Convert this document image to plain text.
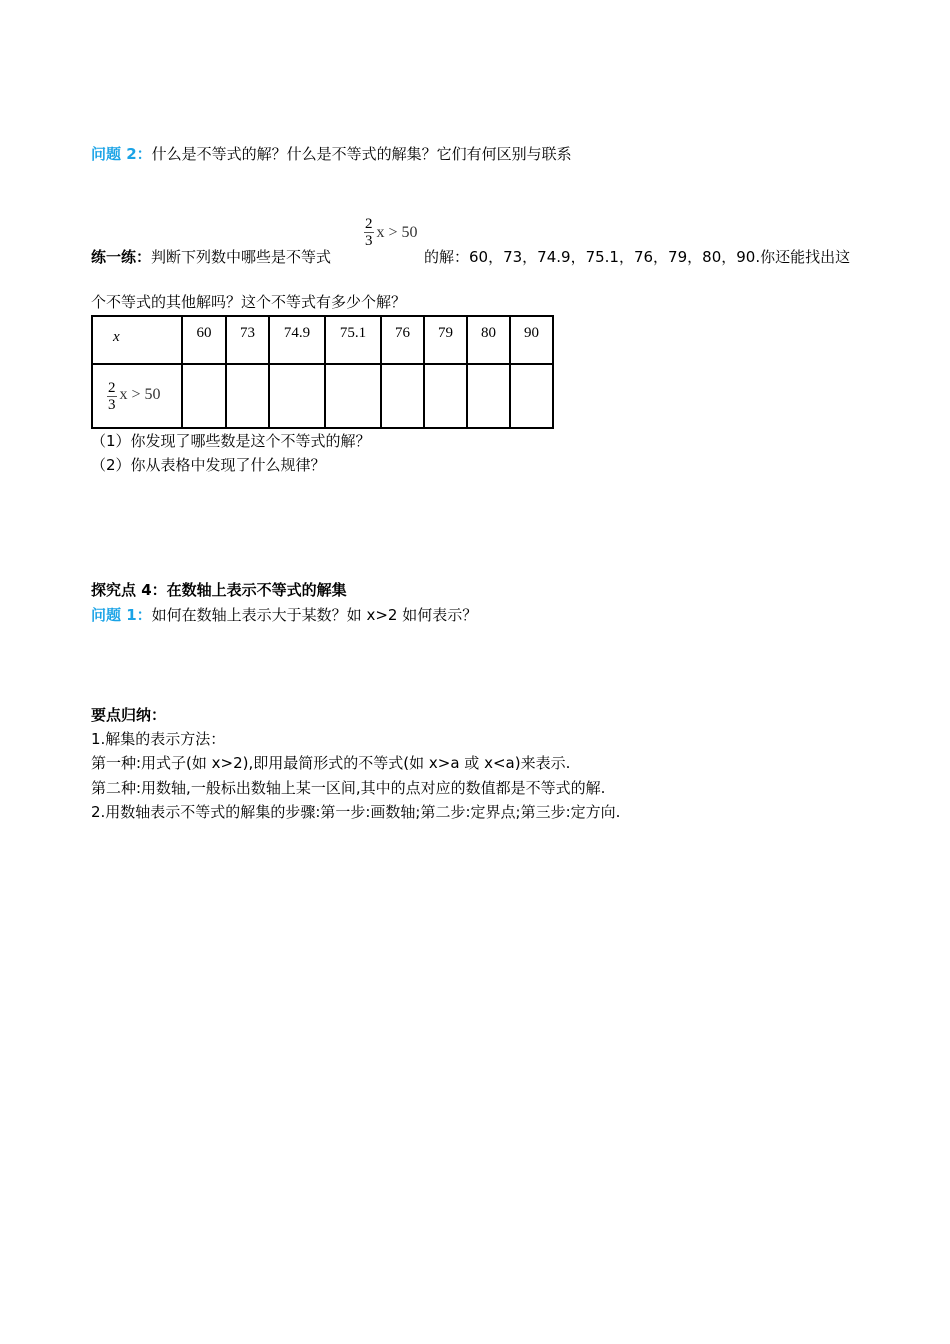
问题 2：什么是不等式的解？什么是不等式的解集？它们有何区别与联系
$\frac{2}{3}$ x > 50
练一练：判断下列数中哪些是不等式	的解：60，73，74.9，75.1，76，79，80，90.你还能找出这
个不等式的其他解吗？这个不等式有多少个解？
x	60	73	74.9	75.1	76	79	80	90

$\frac{2}{3}$ x > 50								
（1）你发现了哪些数是这个不等式的解？
（2）你从表格中发现了什么规律？
探究点 4：在数轴上表示不等式的解集
问题 1：如何在数轴上表示大于某数？如 x>2 如何表示？
要点归纳：
1.解集的表示方法：
第一种:用式子(如 x>2),即用最简形式的不等式(如 x>a 或 x<a)来表示.
第二种:用数轴,一般标出数轴上某一区间,其中的点对应的数值都是不等式的解.
2.用数轴表示不等式的解集的步骤:第一步:画数轴;第二步:定界点;第三步:定方向.
